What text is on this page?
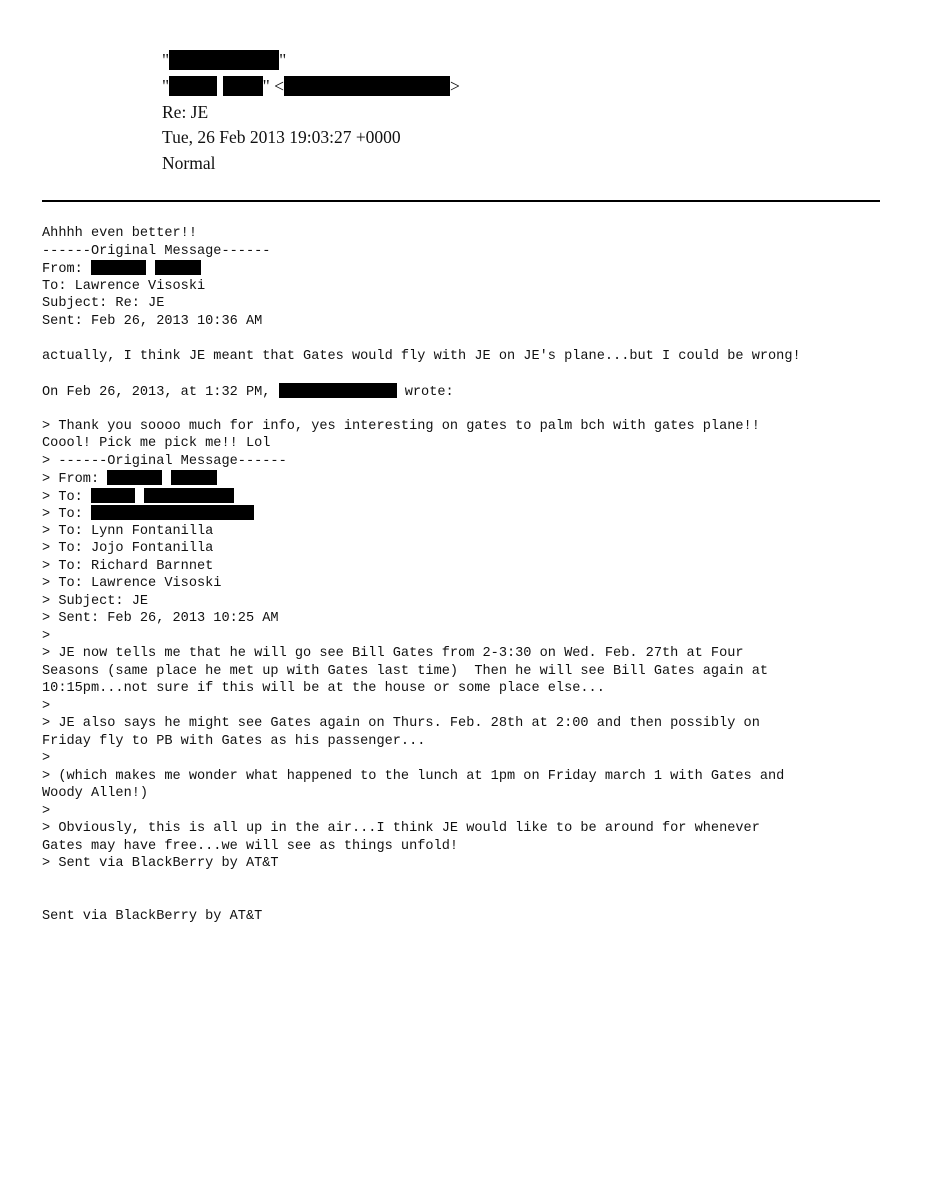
"	"
" 	" <	>
Re: JE
Tue, 26 Feb 2013 19:03:27 +0000
Normal
Ahhhh even better!!
------Original Message------
From:
To: Lawrence Visoski
Subject: Re: JE
Sent: Feb 26, 2013 10:36 AM
actually, I think JE meant that Gates would fly with JE on JE's plane...but I could be wrong!
On Feb 26, 2013, at 1:32 PM,	wrote:
> Thank you soooo much for info, yes interesting on gates to palm bch with gates plane!!
Coool! Pick me pick me!! Lol
> ------Original Message------
> From:
> To:
> To:
> To: Lynn Fontanilla
> To: Jojo Fontanilla
> To: Richard Barnnet
> To: Lawrence Visoski
> Subject: JE
> Sent: Feb 26, 2013 10:25 AM
>
> JE now tells me that he will go see Bill Gates from 2-3:30 on Wed. Feb. 27th at Four
Seasons (same place he met up with Gates last time)  Then he will see Bill Gates again at
10:15pm...not sure if this will be at the house or some place else...
>
> JE also says he might see Gates again on Thurs. Feb. 28th at 2:00 and then possibly on
Friday fly to PB with Gates as his passenger...
>
> (which makes me wonder what happened to the lunch at 1pm on Friday march 1 with Gates and
Woody Allen!)
>
> Obviously, this is all up in the air...I think JE would like to be around for whenever
Gates may have free...we will see as things unfold!
> Sent via BlackBerry by AT&T
Sent via BlackBerry by AT&T
